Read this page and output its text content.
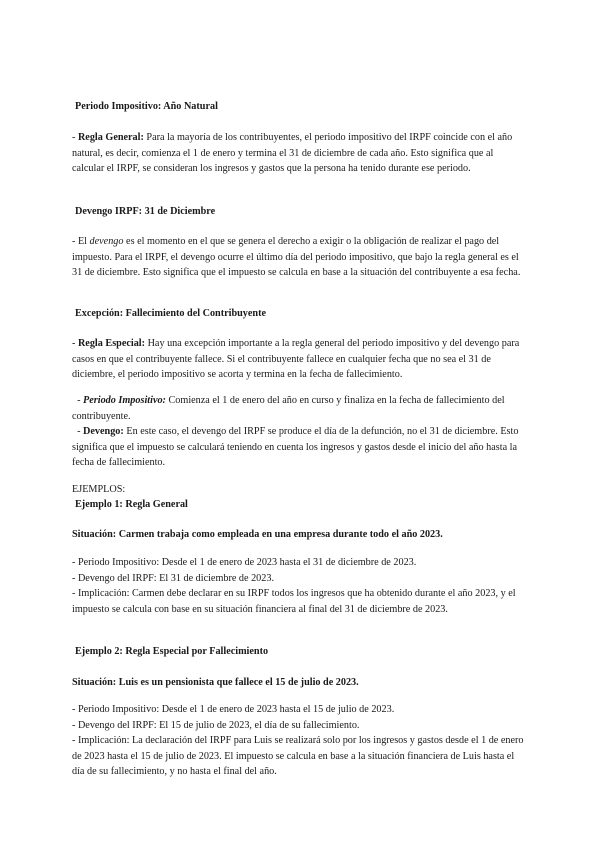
Periodo Impositivo: Año Natural

- Regla General: Para la mayoría de los contribuyentes, el periodo impositivo del IRPF coincide con el año natural, es decir, comienza el 1 de enero y termina el 31 de diciembre de cada año. Esto significa que al calcular el IRPF, se consideran los ingresos y gastos que la persona ha tenido durante ese periodo.

Devengo IRPF: 31 de Diciembre

- El devengo es el momento en el que se genera el derecho a exigir o la obligación de realizar el pago del impuesto. Para el IRPF, el devengo ocurre el último día del periodo impositivo, que bajo la regla general es el 31 de diciembre. Esto significa que el impuesto se calcula en base a la situación del contribuyente a esa fecha.

Excepción: Fallecimiento del Contribuyente

- Regla Especial: Hay una excepción importante a la regla general del periodo impositivo y del devengo para casos en que el contribuyente fallece. Si el contribuyente fallece en cualquier fecha que no sea el 31 de diciembre, el periodo impositivo se acorta y termina en la fecha de fallecimiento.

- Periodo Impositivo: Comienza el 1 de enero del año en curso y finaliza en la fecha de fallecimiento del contribuyente.

- Devengo: En este caso, el devengo del IRPF se produce el día de la defunción, no el 31 de diciembre. Esto significa que el impuesto se calculará teniendo en cuenta los ingresos y gastos desde el inicio del año hasta la fecha de fallecimiento.

EJEMPLOS:

Ejemplo 1: Regla General

Situación: Carmen trabaja como empleada en una empresa durante todo el año 2023.

- Periodo Impositivo: Desde el 1 de enero de 2023 hasta el 31 de diciembre de 2023.

- Devengo del IRPF: El 31 de diciembre de 2023.

- Implicación: Carmen debe declarar en su IRPF todos los ingresos que ha obtenido durante el año 2023, y el impuesto se calcula con base en su situación financiera al final del 31 de diciembre de 2023.

Ejemplo 2: Regla Especial por Fallecimiento

Situación: Luis es un pensionista que fallece el 15 de julio de 2023.

- Periodo Impositivo: Desde el 1 de enero de 2023 hasta el 15 de julio de 2023.

- Devengo del IRPF: El 15 de julio de 2023, el día de su fallecimiento.

- Implicación: La declaración del IRPF para Luis se realizará solo por los ingresos y gastos desde el 1 de enero de 2023 hasta el 15 de julio de 2023. El impuesto se calcula en base a la situación financiera de Luis hasta el día de su fallecimiento, y no hasta el final del año.
